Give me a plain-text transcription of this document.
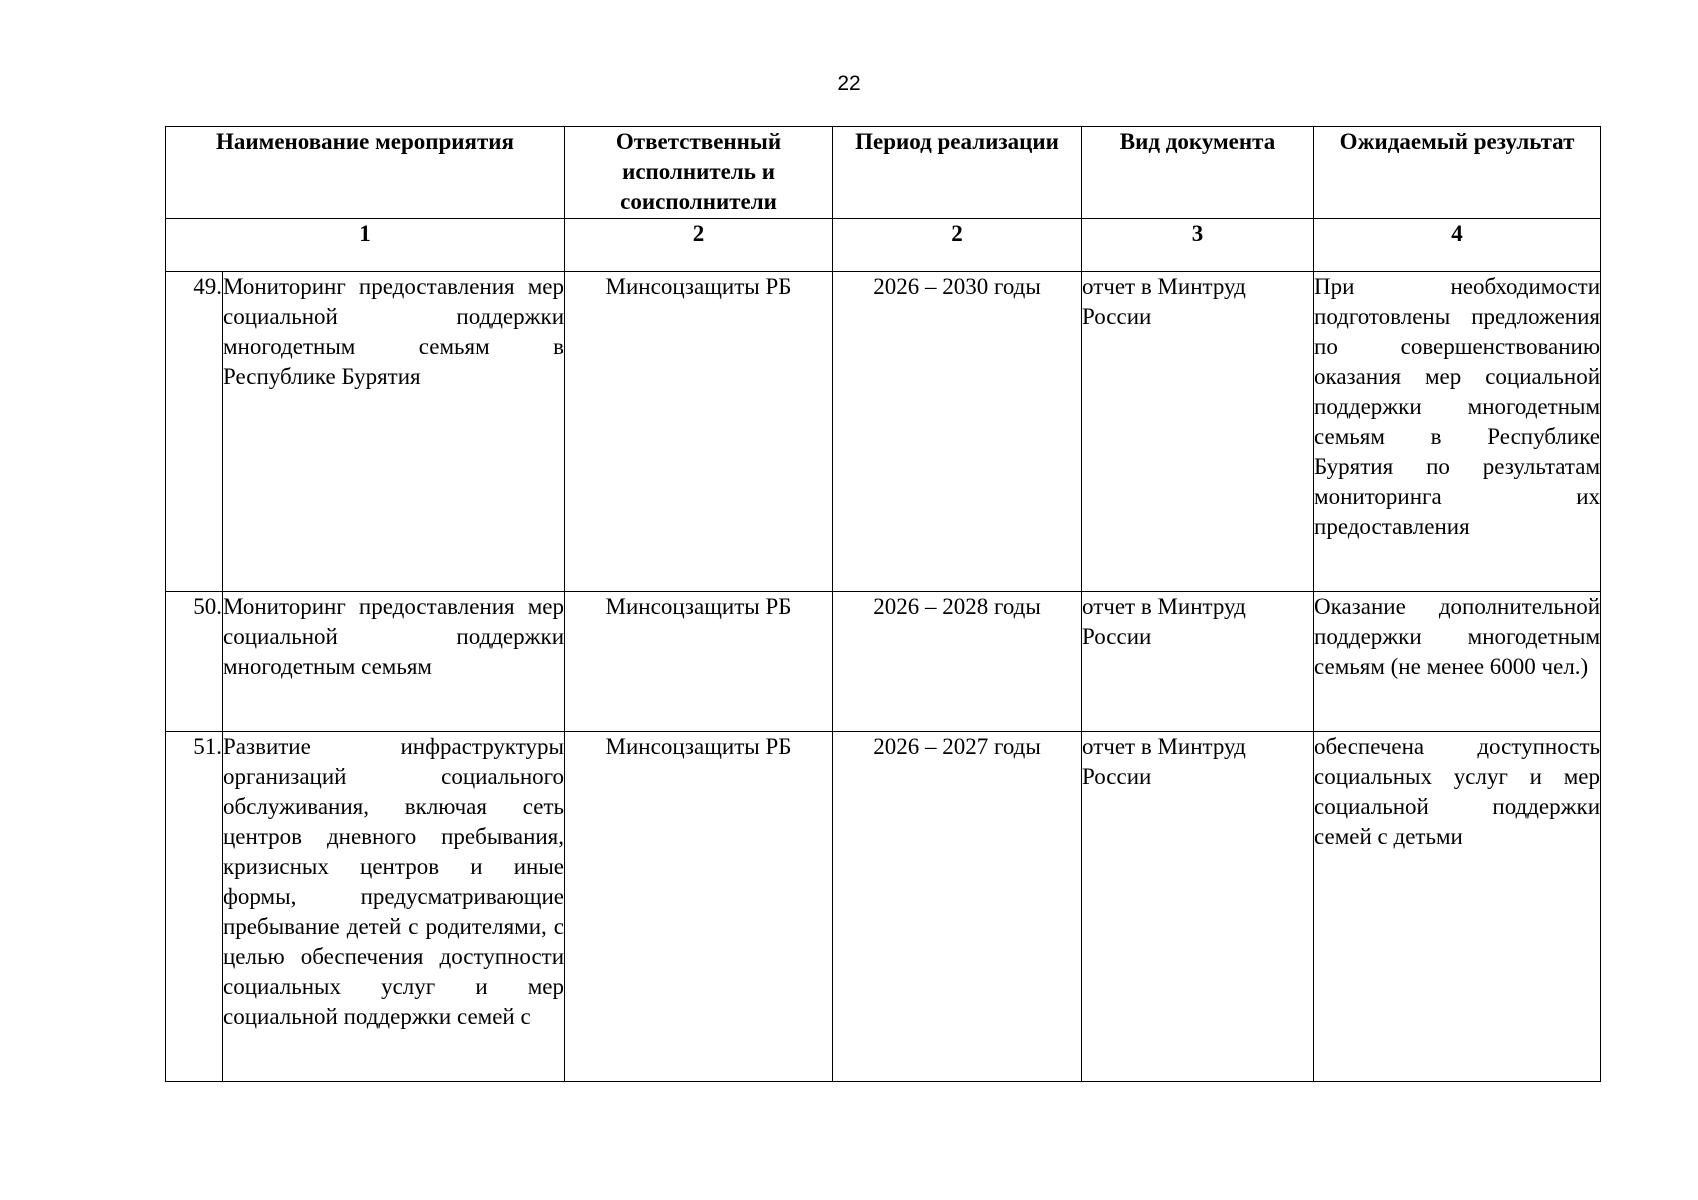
22
Наименование мероприятия		Ответственный исполнитель и соисполнители	Период реализации	Вид документа	Ожидаемый результат
1		2	2	3	4
49.	Мониторинг предоставления мер социальной поддержки многодетным семьям в Республике Бурятия	Минсоцзащиты РБ	2026 – 2030 годы	отчет в Минтруд России	При необходимости подготовлены предложения по совершенствованию оказания мер социальной поддержки многодетным семьям в Республике Бурятия по результатам мониторинга их предоставления
50.	Мониторинг предоставления мер социальной поддержки многодетным семьям	Минсоцзащиты РБ	2026 – 2028 годы	отчет в Минтруд России	Оказание дополнительной поддержки многодетным семьям (не менее 6000 чел.)
51.	Развитие инфраструктуры организаций социального обслуживания, включая сеть центров дневного пребывания, кризисных центров и иные формы, предусматривающие пребывание детей с родителями, с целью обеспечения доступности социальных услуг и мер социальной поддержки семей с	Минсоцзащиты РБ	2026 – 2027 годы	отчет в Минтруд России	обеспечена доступность социальных услуг и мер социальной поддержки семей с детьми
